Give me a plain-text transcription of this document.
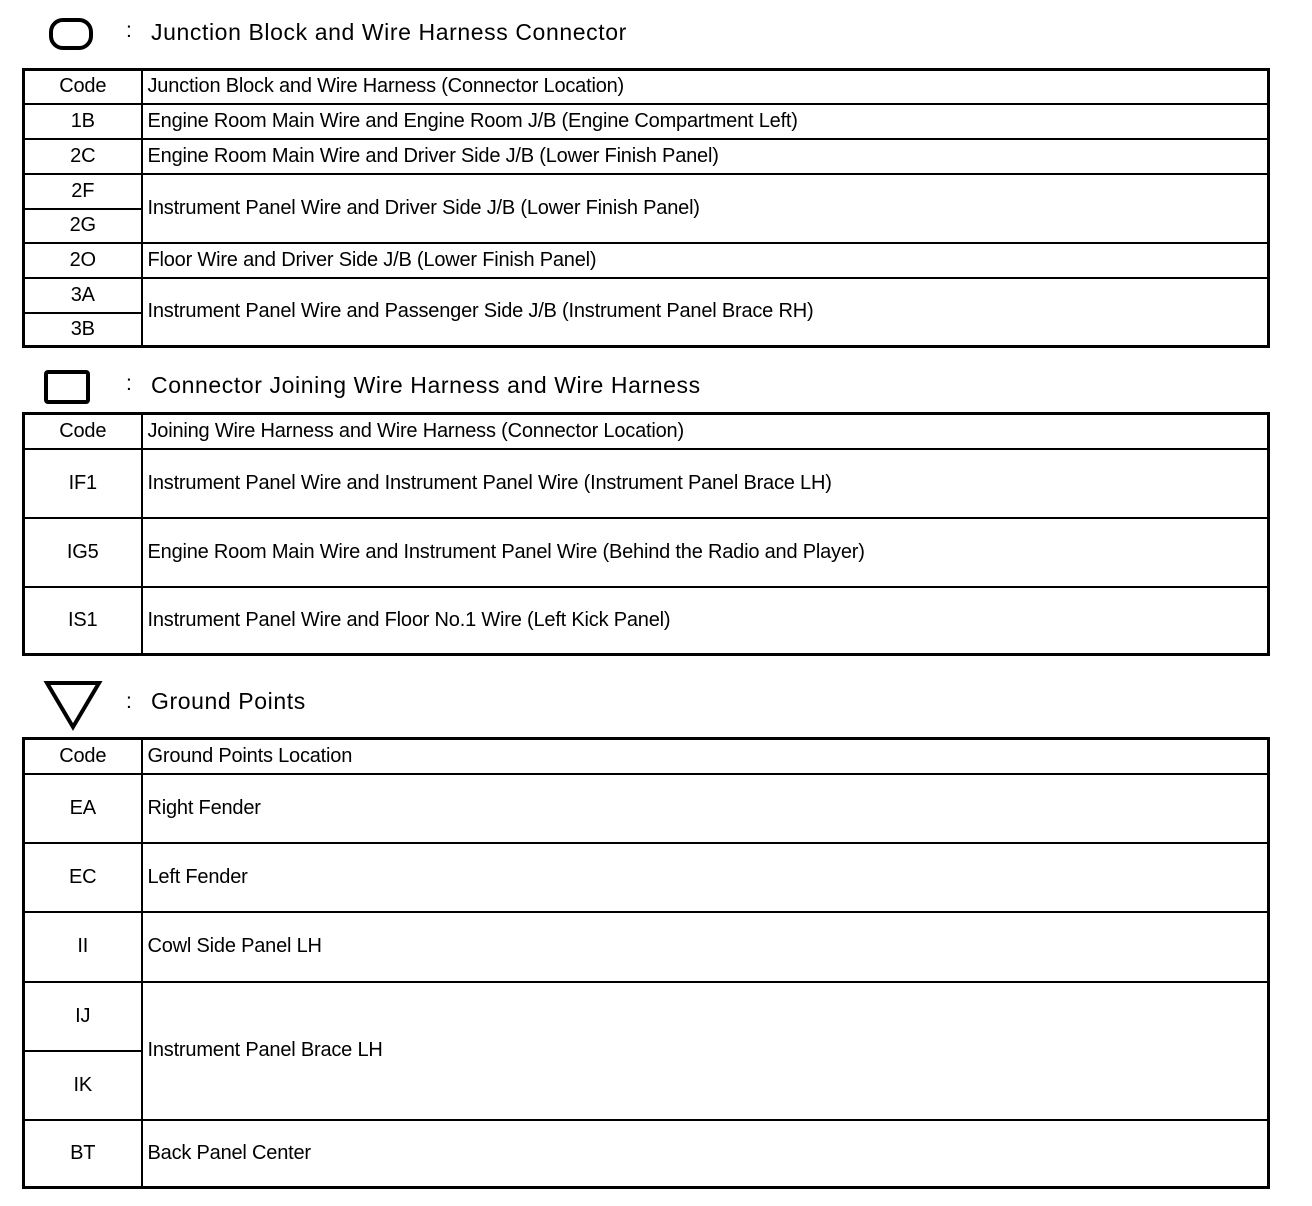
: Junction Block and Wire Harness Connector
Code	Junction Block and Wire Harness (Connector Location)
1B	Engine Room Main Wire and Engine Room J/B (Engine Compartment Left)
2C	Engine Room Main Wire and Driver Side J/B (Lower Finish Panel)
2F	Instrument Panel Wire and Driver Side J/B (Lower Finish Panel)
2G	
2O	Floor Wire and Driver Side J/B (Lower Finish Panel)
3A	Instrument Panel Wire and Passenger Side J/B (Instrument Panel Brace RH)
3B	
: Connector Joining Wire Harness and Wire Harness
Code	Joining Wire Harness and Wire Harness (Connector Location)
IF1	Instrument Panel Wire and Instrument Panel Wire (Instrument Panel Brace LH)
IG5	Engine Room Main Wire and Instrument Panel Wire (Behind the Radio and Player)
IS1	Instrument Panel Wire and Floor No.1 Wire (Left Kick Panel)
: Ground Points
Code	Ground Points Location
EA	Right Fender
EC	Left Fender
II	Cowl Side Panel LH
IJ	Instrument Panel Brace LH
IK	
BT	Back Panel Center
